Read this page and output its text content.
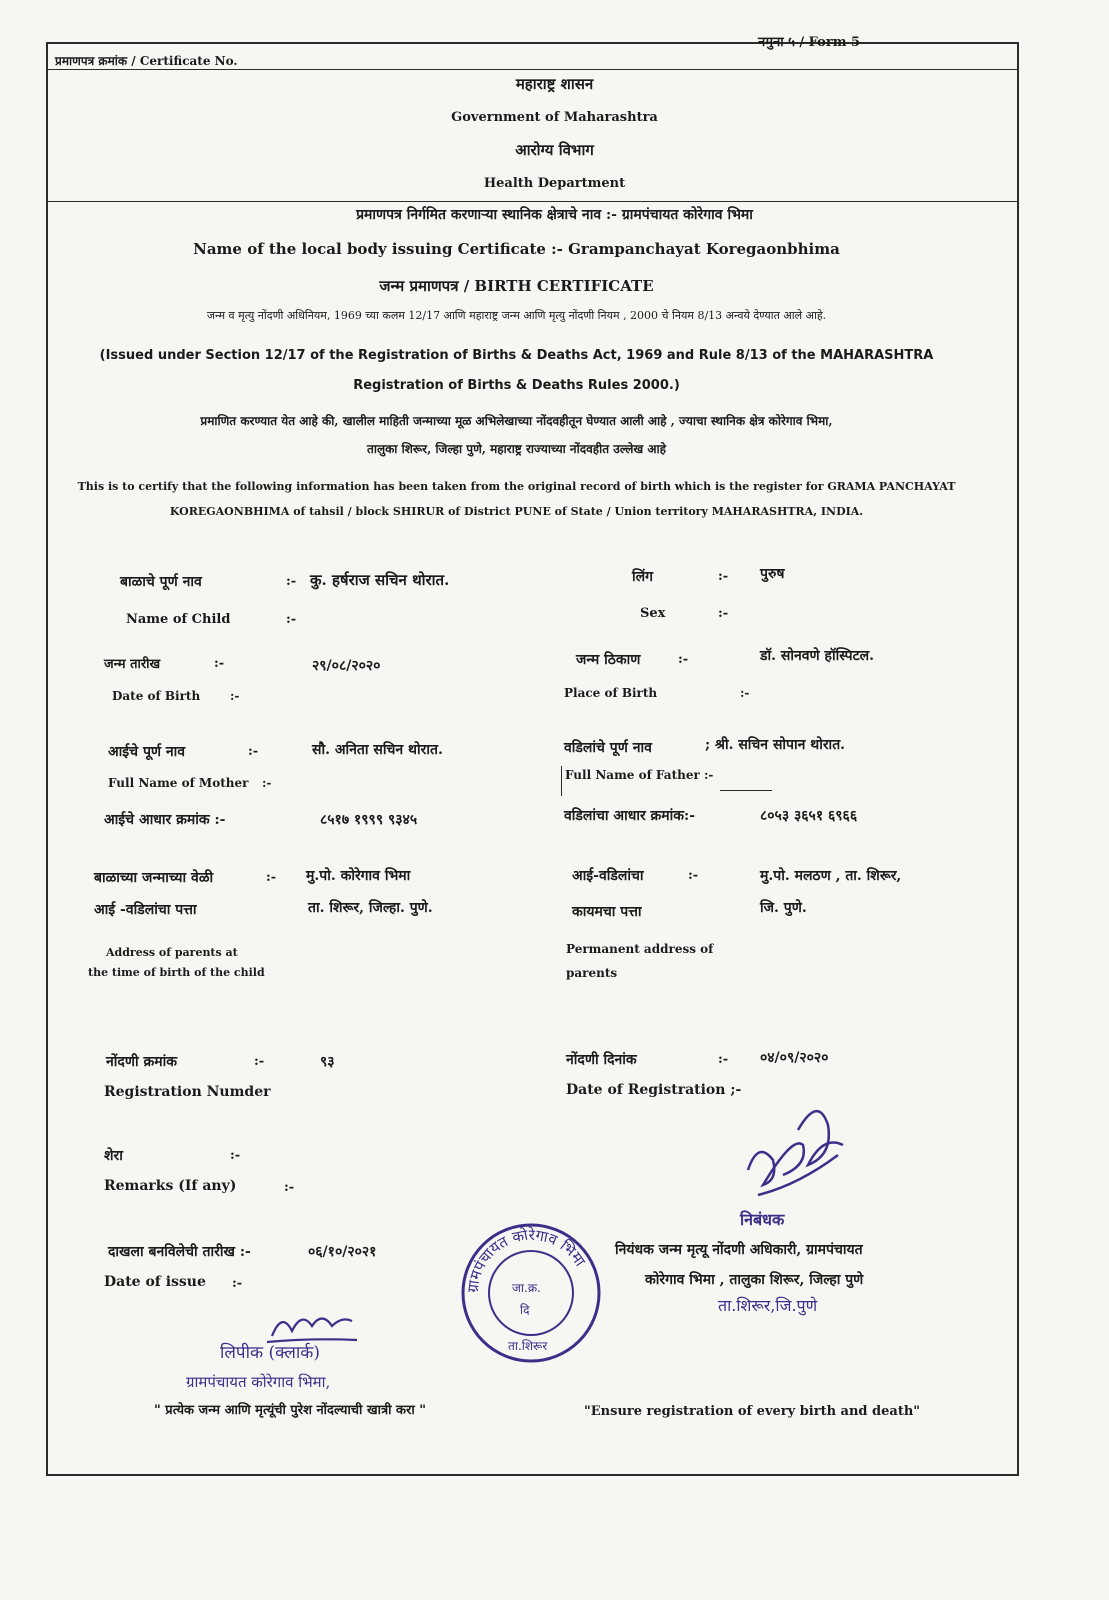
प्रमाणपत्र क्रमांक / Certificate No.
नमुना ५ / Form 5
महाराष्ट्र शासन
Government of Maharashtra
आरोग्य विभाग
Health Department
प्रमाणपत्र निर्गमित करणाऱ्या स्थानिक क्षेत्राचे नाव :- ग्रामपंचायत कोरेगाव भिमा
Name of the local body issuing Certificate :- Grampanchayat Koregaonbhima
जन्म प्रमाणपत्र / BIRTH CERTIFICATE
जन्म व मृत्यु नोंदणी अधिनियम, 1969 च्या कलम 12/17 आणि महाराष्ट्र जन्म आणि मृत्यु नोंदणी नियम , 2000 चे नियम 8/13 अन्वये देण्यात आले आहे.
(Issued under Section 12/17 of the Registration of Births & Deaths Act, 1969 and Rule 8/13 of the MAHARASHTRA
Registration of Births & Deaths Rules 2000.)
प्रमाणित करण्यात येत आहे की, खालील माहिती जन्माच्या मूळ अभिलेखाच्या नोंदवहीतून घेण्यात आली आहे , ज्याचा स्थानिक क्षेत्र कोरेगाव भिमा,
तालुका शिरूर, जिल्हा पुणे, महाराष्ट्र राज्याच्या नोंदवहीत उल्लेख आहे
This is to certify that the following information has been taken from the original record of birth which is the register for GRAMA PANCHAYAT
KOREGAONBHIMA of tahsil / block SHIRUR of District PUNE of State / Union territory MAHARASHTRA, INDIA.
बाळाचे पूर्ण नाव	:- कु. हर्षराज सचिन थोरात.
Name of Child	:-
लिंग	:- पुरुष
Sex	:-
जन्म तारीख	:-	२९/०८/२०२०
Date of Birth :-
जन्म ठिकाण	:-	डॉ. सोनवणे हॉस्पिटल.
Place of Birth	:-
आईचे पूर्ण नाव	:-	सौ. अनिता सचिन थोरात.
Full Name of Mother :-
वडिलांचे पूर्ण नाव	; श्री. सचिन सोपान थोरात.
Full Name of Father :-
आईचे आधार क्रमांक :-	८५१७ १९९९ ९३४५	वडिलांचा आधार क्रमांक:-	८०५३ ३६५१ ६९६६
बाळाच्या जन्माच्या वेळी	:-
आई -वडिलांचा पत्ता
मु.पो. कोरेगाव भिमा
ता. शिरूर, जिल्हा. पुणे.
Address of parents at
the time of birth of the child
आई-वडिलांचा	:-
कायमचा पत्ता
मु.पो. मलठण , ता. शिरूर,
जि. पुणे.
Permanent address of
parents
नोंदणी क्रमांक	:-	९३
Registration Numder
नोंदणी दिनांक	:- ०४/०९/२०२०
Date of Registration ;-
शेरा	:-
Remarks (If any)	:-
दाखला बनविलेची तारीख :-	०६/१०/२०२१
Date of issue :-	ग्रामपंचायत कोरेगाव भिमा
जा.क्र.
दि
ता.शिरूर
निबंधक
नियंधक जन्म मृत्यू नोंदणी अधिकारी, ग्रामपंचायत
कोरेगाव भिमा , तालुका शिरूर, जिल्हा पुणे
ता.शिरूर,जि.पुणे
लिपीक (क्लार्क)
ग्रामपंचायत कोरेगाव भिमा,
" प्रत्येक जन्म आणि मृत्यूंची पुरेश नोंदल्याची खात्री करा "	"Ensure registration of every birth and death"
